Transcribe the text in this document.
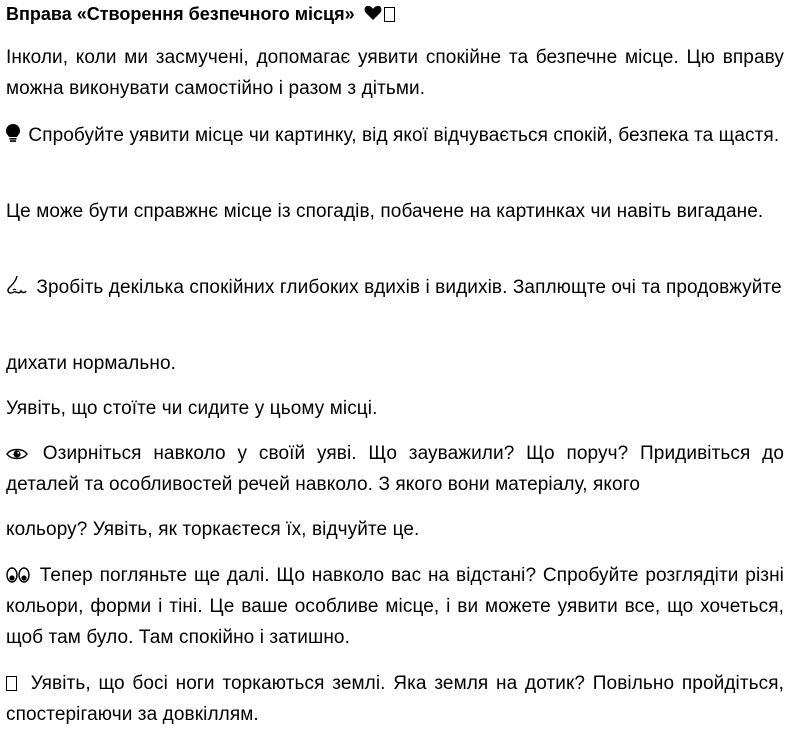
Вправа «Створення безпечного місця»

Інколи, коли ми засмучені, допомагає уявити спокійне та безпечне місце. Цю вправу можна виконувати самостійно і разом з дітьми.

Спробуйте уявити місце чи картинку, від якої відчувається спокій, безпека та щастя.

Це може бути справжнє місце із спогадів, побачене на картинках чи навіть вигадане.

Зробіть декілька спокійних глибоких вдихів і видихів. Заплющте очі та продовжуйте

дихати нормально.

Уявіть, що стоїте чи сидите у цьому місці.

Озирніться навколо у своїй уяві. Що зауважили? Що поруч? Придивіться до деталей та особливостей речей навколо. З якого вони матеріалу, якого

кольору? Уявіть, як торкаєтеся їх, відчуйте це.

Тепер погляньте ще далі. Що навколо вас на відстані? Спробуйте розглядіти різні кольори, форми і тіні. Це ваше особливе місце, і ви можете уявити все, що хочеться, щоб там було. Там спокійно і затишно.

Уявіть, що босі ноги торкаються землі. Яка земля на дотик? Повільно пройдіться, спостерігаючи за довкіллям.
